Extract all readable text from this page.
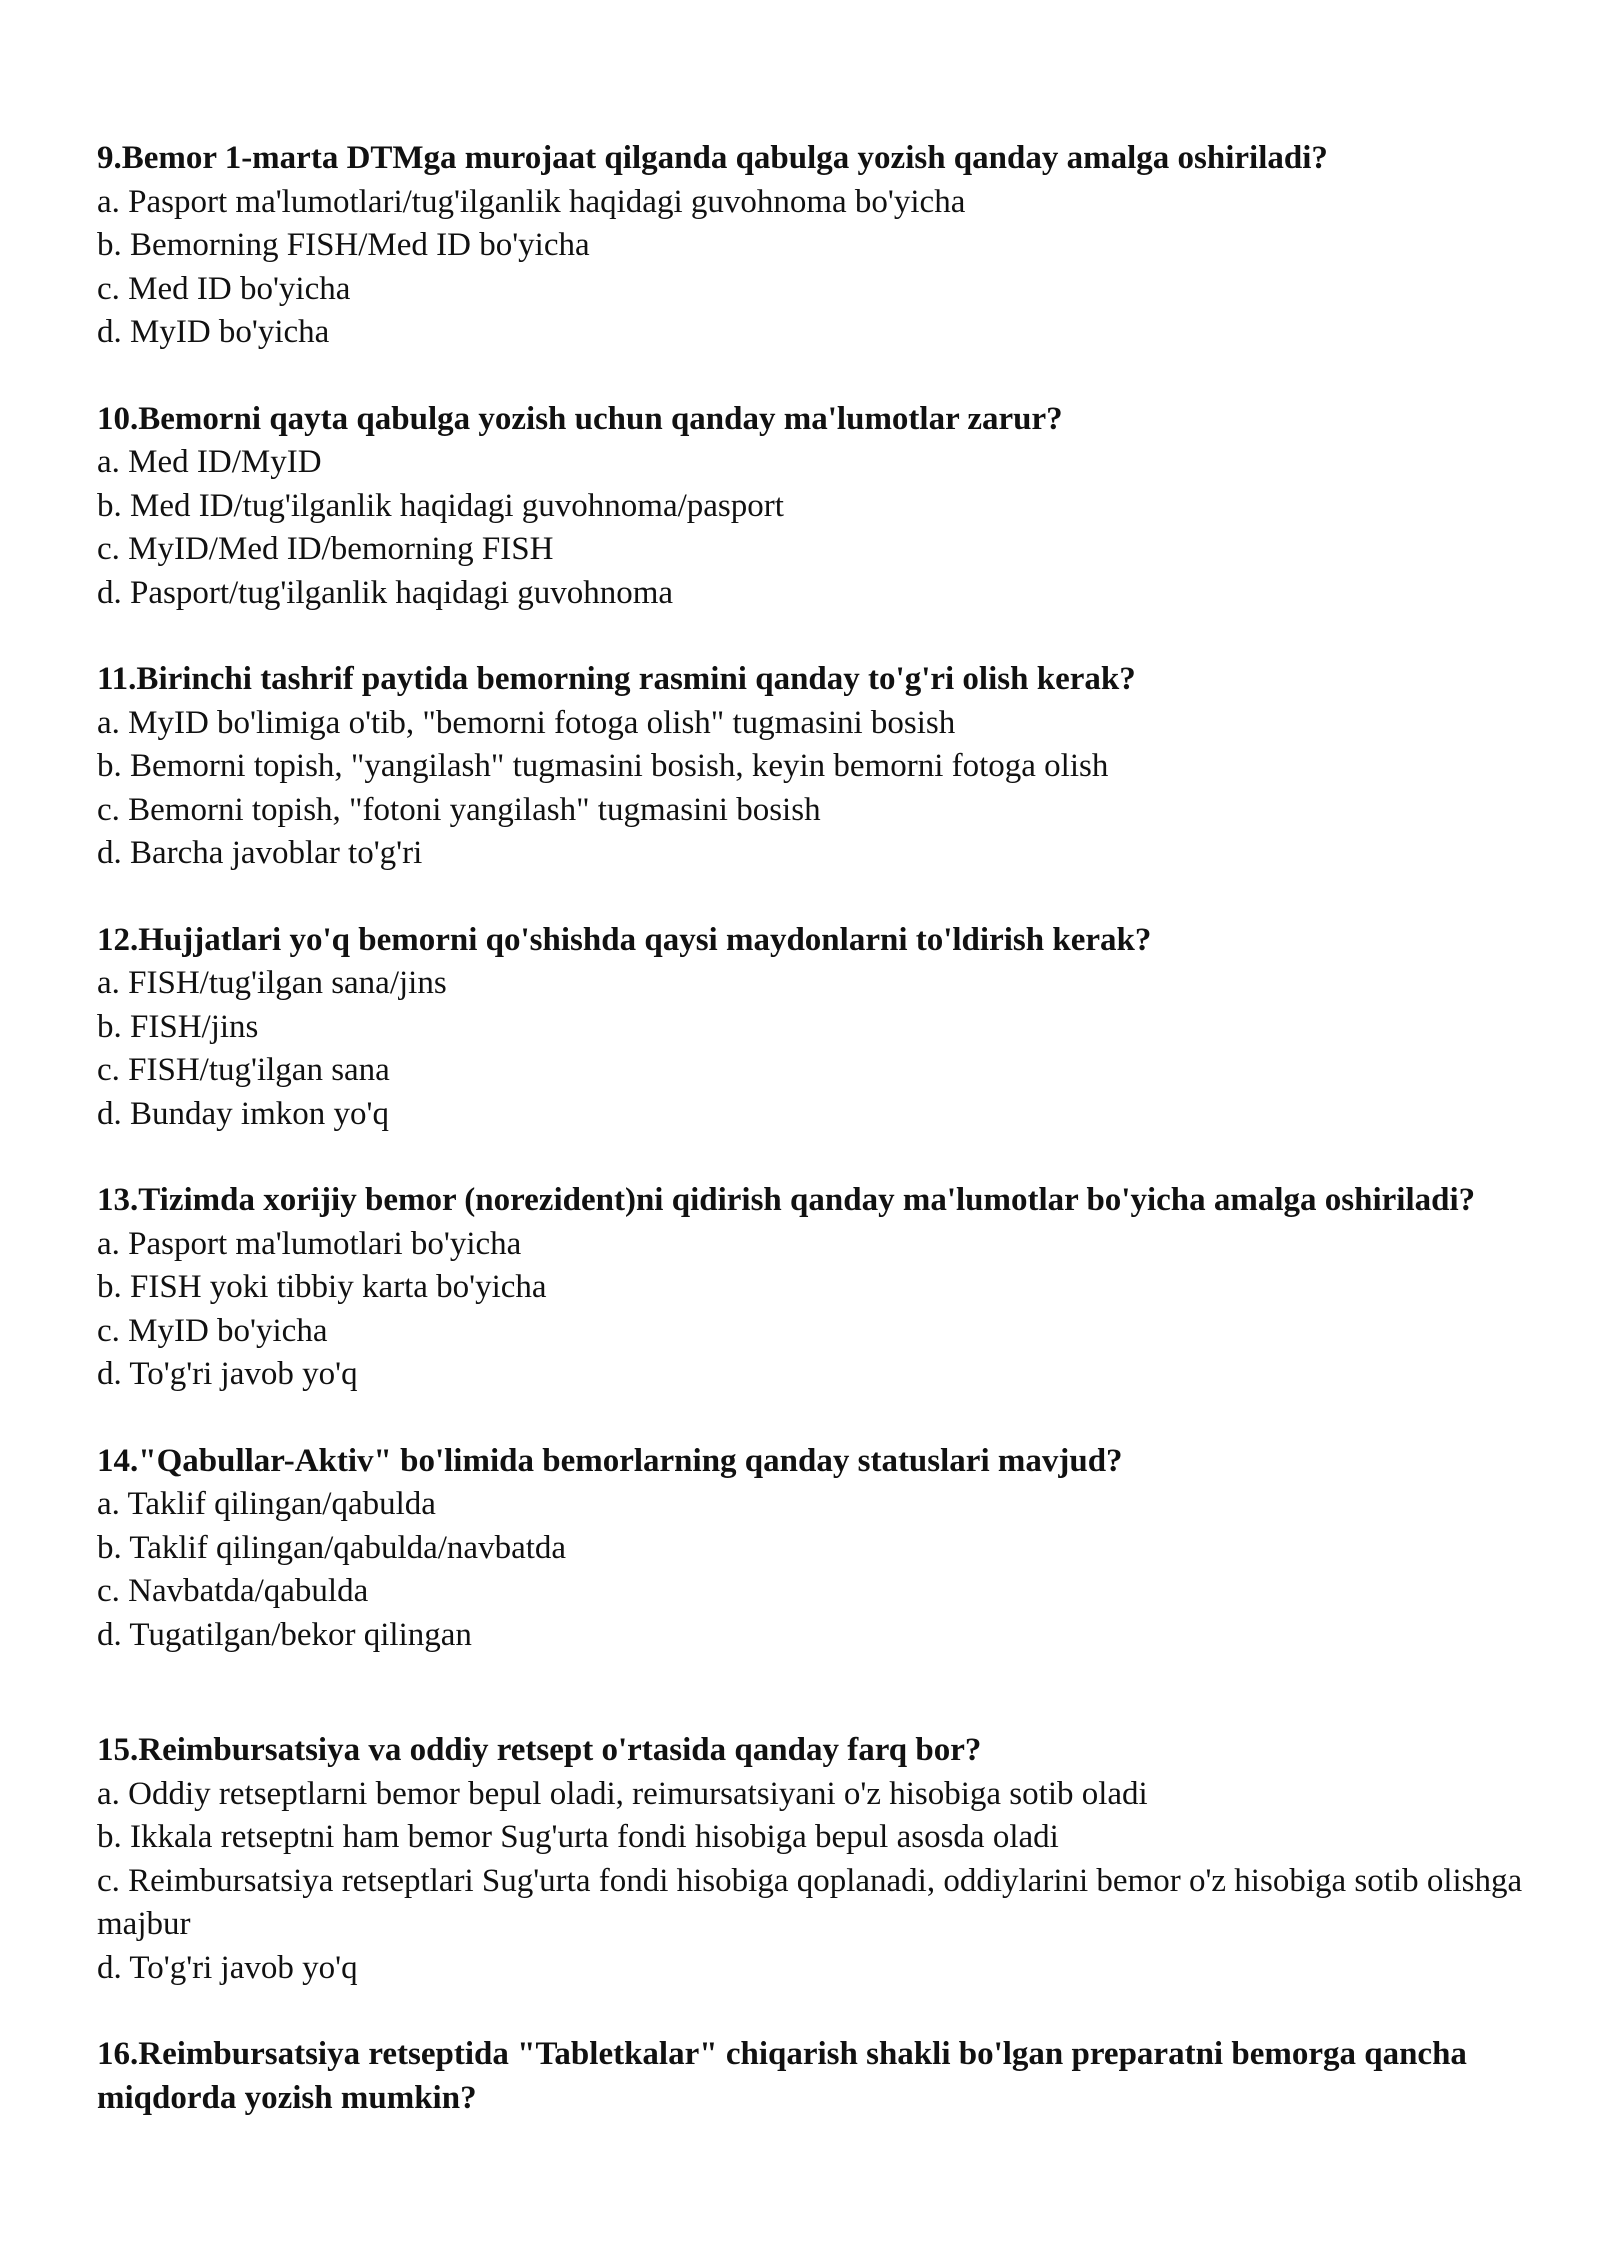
9.Bemor 1-marta DTMga murojaat qilganda qabulga yozish qanday amalga oshiriladi?

a. Pasport ma'lumotlari/tug'ilganlik haqidagi guvohnoma bo'yicha

b. Bemorning FISH/Med ID bo'yicha

c. Med ID bo'yicha

d. MyID bo'yicha

10.Bemorni qayta qabulga yozish uchun qanday ma'lumotlar zarur?

a. Med ID/MyID

b. Med ID/tug'ilganlik haqidagi guvohnoma/pasport

c. MyID/Med ID/bemorning FISH

d. Pasport/tug'ilganlik haqidagi guvohnoma

11.Birinchi tashrif paytida bemorning rasmini qanday to'g'ri olish kerak?

a. MyID bo'limiga o'tib, "bemorni fotoga olish" tugmasini bosish

b. Bemorni topish, "yangilash" tugmasini bosish, keyin bemorni fotoga olish

c. Bemorni topish, "fotoni yangilash" tugmasini bosish

d. Barcha javoblar to'g'ri

12.Hujjatlari yo'q bemorni qo'shishda qaysi maydonlarni to'ldirish kerak?

a. FISH/tug'ilgan sana/jins

b. FISH/jins

c. FISH/tug'ilgan sana

d. Bunday imkon yo'q

13.Tizimda xorijiy bemor (norezident)ni qidirish qanday ma'lumotlar bo'yicha amalga oshiriladi?

a. Pasport ma'lumotlari bo'yicha

b. FISH yoki tibbiy karta bo'yicha

c. MyID bo'yicha

d. To'g'ri javob yo'q

14."Qabullar-Aktiv" bo'limida bemorlarning qanday statuslari mavjud?

a. Taklif qilingan/qabulda

b. Taklif qilingan/qabulda/navbatda

c. Navbatda/qabulda

d. Tugatilgan/bekor qilingan

15.Reimbursatsiya va oddiy retsept o'rtasida qanday farq bor?

a. Oddiy retseptlarni bemor bepul oladi, reimursatsiyani o'z hisobiga sotib oladi

b. Ikkala retseptni ham bemor Sug'urta fondi hisobiga bepul asosda oladi

c. Reimbursatsiya retseptlari Sug'urta fondi hisobiga qoplanadi, oddiylarini bemor o'z hisobiga sotib olishga majbur

d. To'g'ri javob yo'q

16.Reimbursatsiya retseptida "Tabletkalar" chiqarish shakli bo'lgan preparatni bemorga qancha miqdorda yozish mumkin?
